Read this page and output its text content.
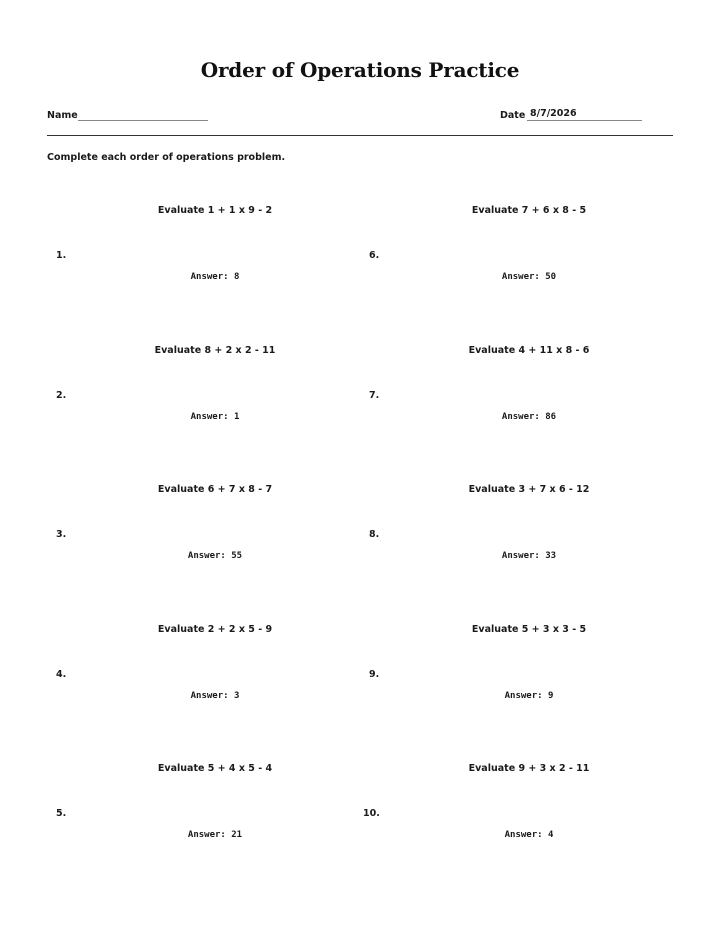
Order of Operations Practice
Name	Date 8/7/2026
Complete each order of operations problem.
Evaluate 1 + 1 x 9 - 2
1.
Answer: 8
Evaluate 8 + 2 x 2 - 11
2.
Answer: 1
Evaluate 6 + 7 x 8 - 7
3.
Answer: 55
Evaluate 2 + 2 x 5 - 9
4.
Answer: 3
Evaluate 5 + 4 x 5 - 4
5.
Answer: 21
Evaluate 7 + 6 x 8 - 5
6.
Answer: 50
Evaluate 4 + 11 x 8 - 6
7.
Answer: 86
Evaluate 3 + 7 x 6 - 12
8.
Answer: 33
Evaluate 5 + 3 x 3 - 5
9.
Answer: 9
Evaluate 9 + 3 x 2 - 11
10.
Answer: 4
